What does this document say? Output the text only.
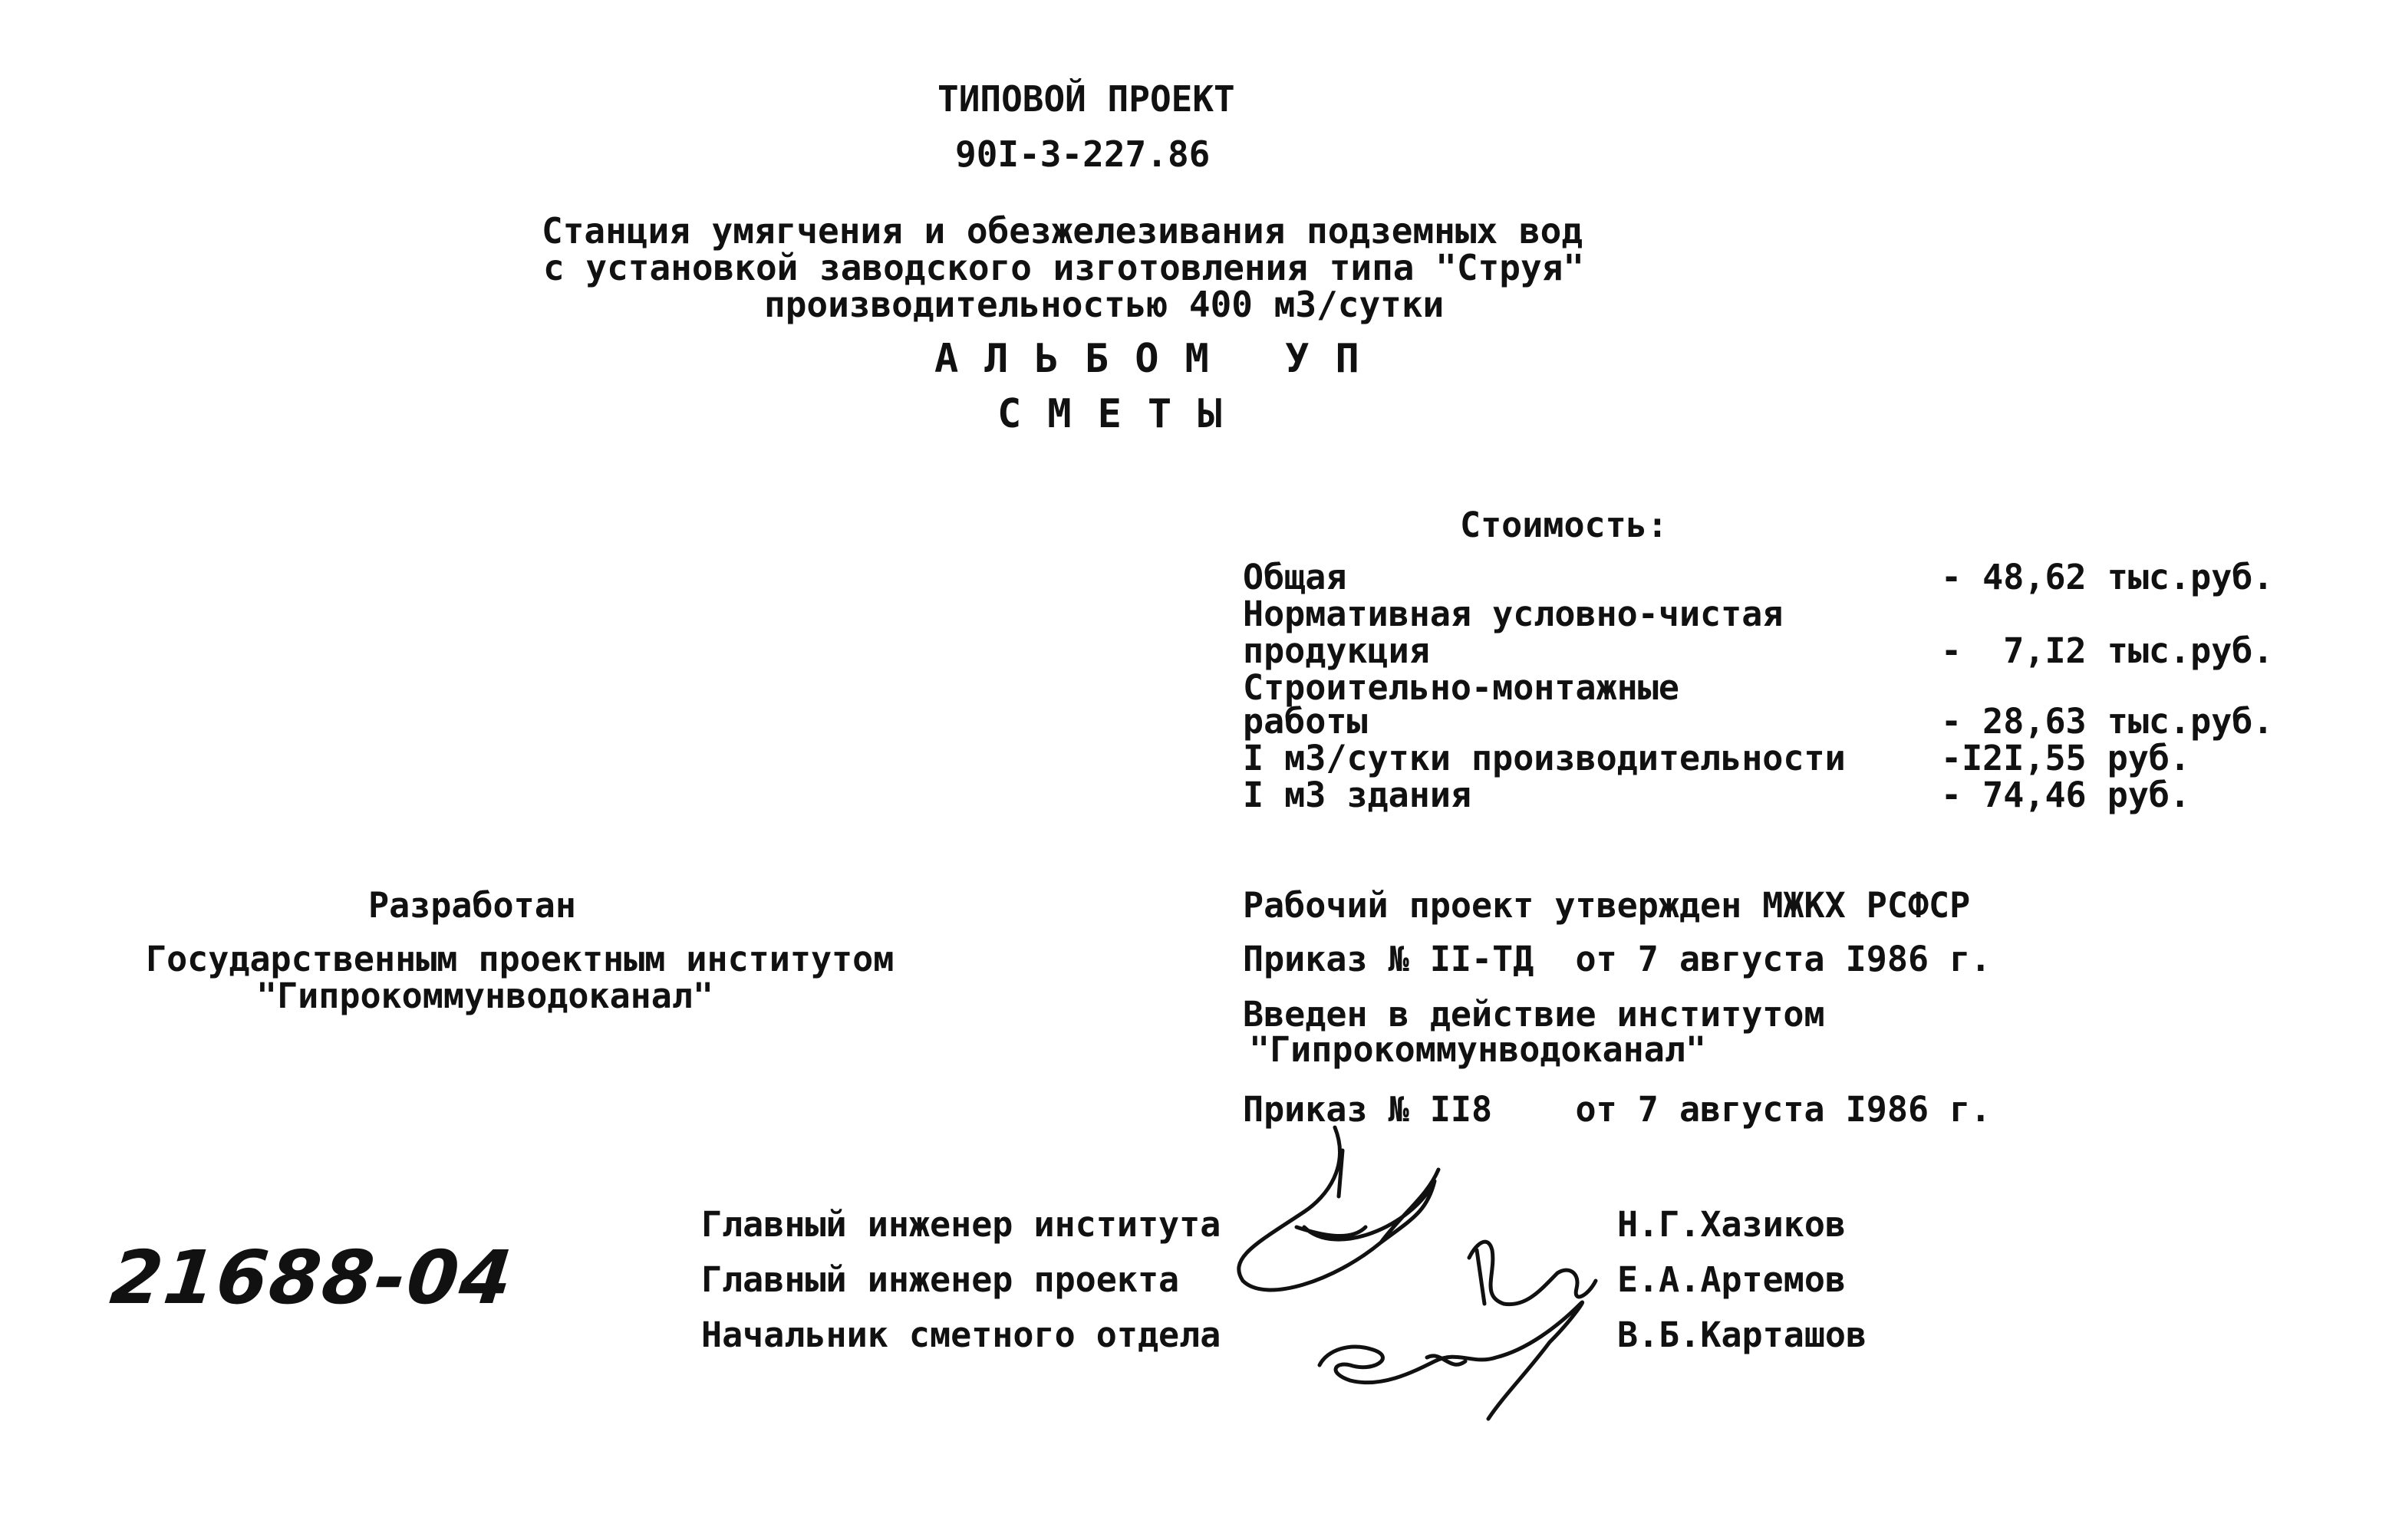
ТИПОВОЙ ПРОЕКТ
90I-3-227.86
Станция умягчения и обезжелезивания подземных вод
с установкой заводского изготовления типа "Струя"
производительностью 400 м3/сутки
АЛЬБОМ УП
СМЕТЫ
Стоимость:
Общая	- 48,62 тыс.руб.
Нормативная условно-чистая
продукция	-  7,I2 тыс.руб.
Строительно-монтажные
работы	- 28,63 тыс.руб.
I м3/сутки производительности	-I2I,55 руб.
I м3 здания	- 74,46 руб.
Разработан
Государственным проектным институтом
"Гипрокоммунводоканал"
Рабочий проект утвержден МЖКХ РСФСР
Приказ № II-ТД  от 7 августа I986 г.
Введен в действие институтом
"Гипрокоммунводоканал"
Приказ № II8    от 7 августа I986 г.
21688-04
Главный инженер института	Н.Г.Хазиков
Главный инженер проекта	Е.А.Артемов
Начальник сметного отдела	В.Б.Карташов
